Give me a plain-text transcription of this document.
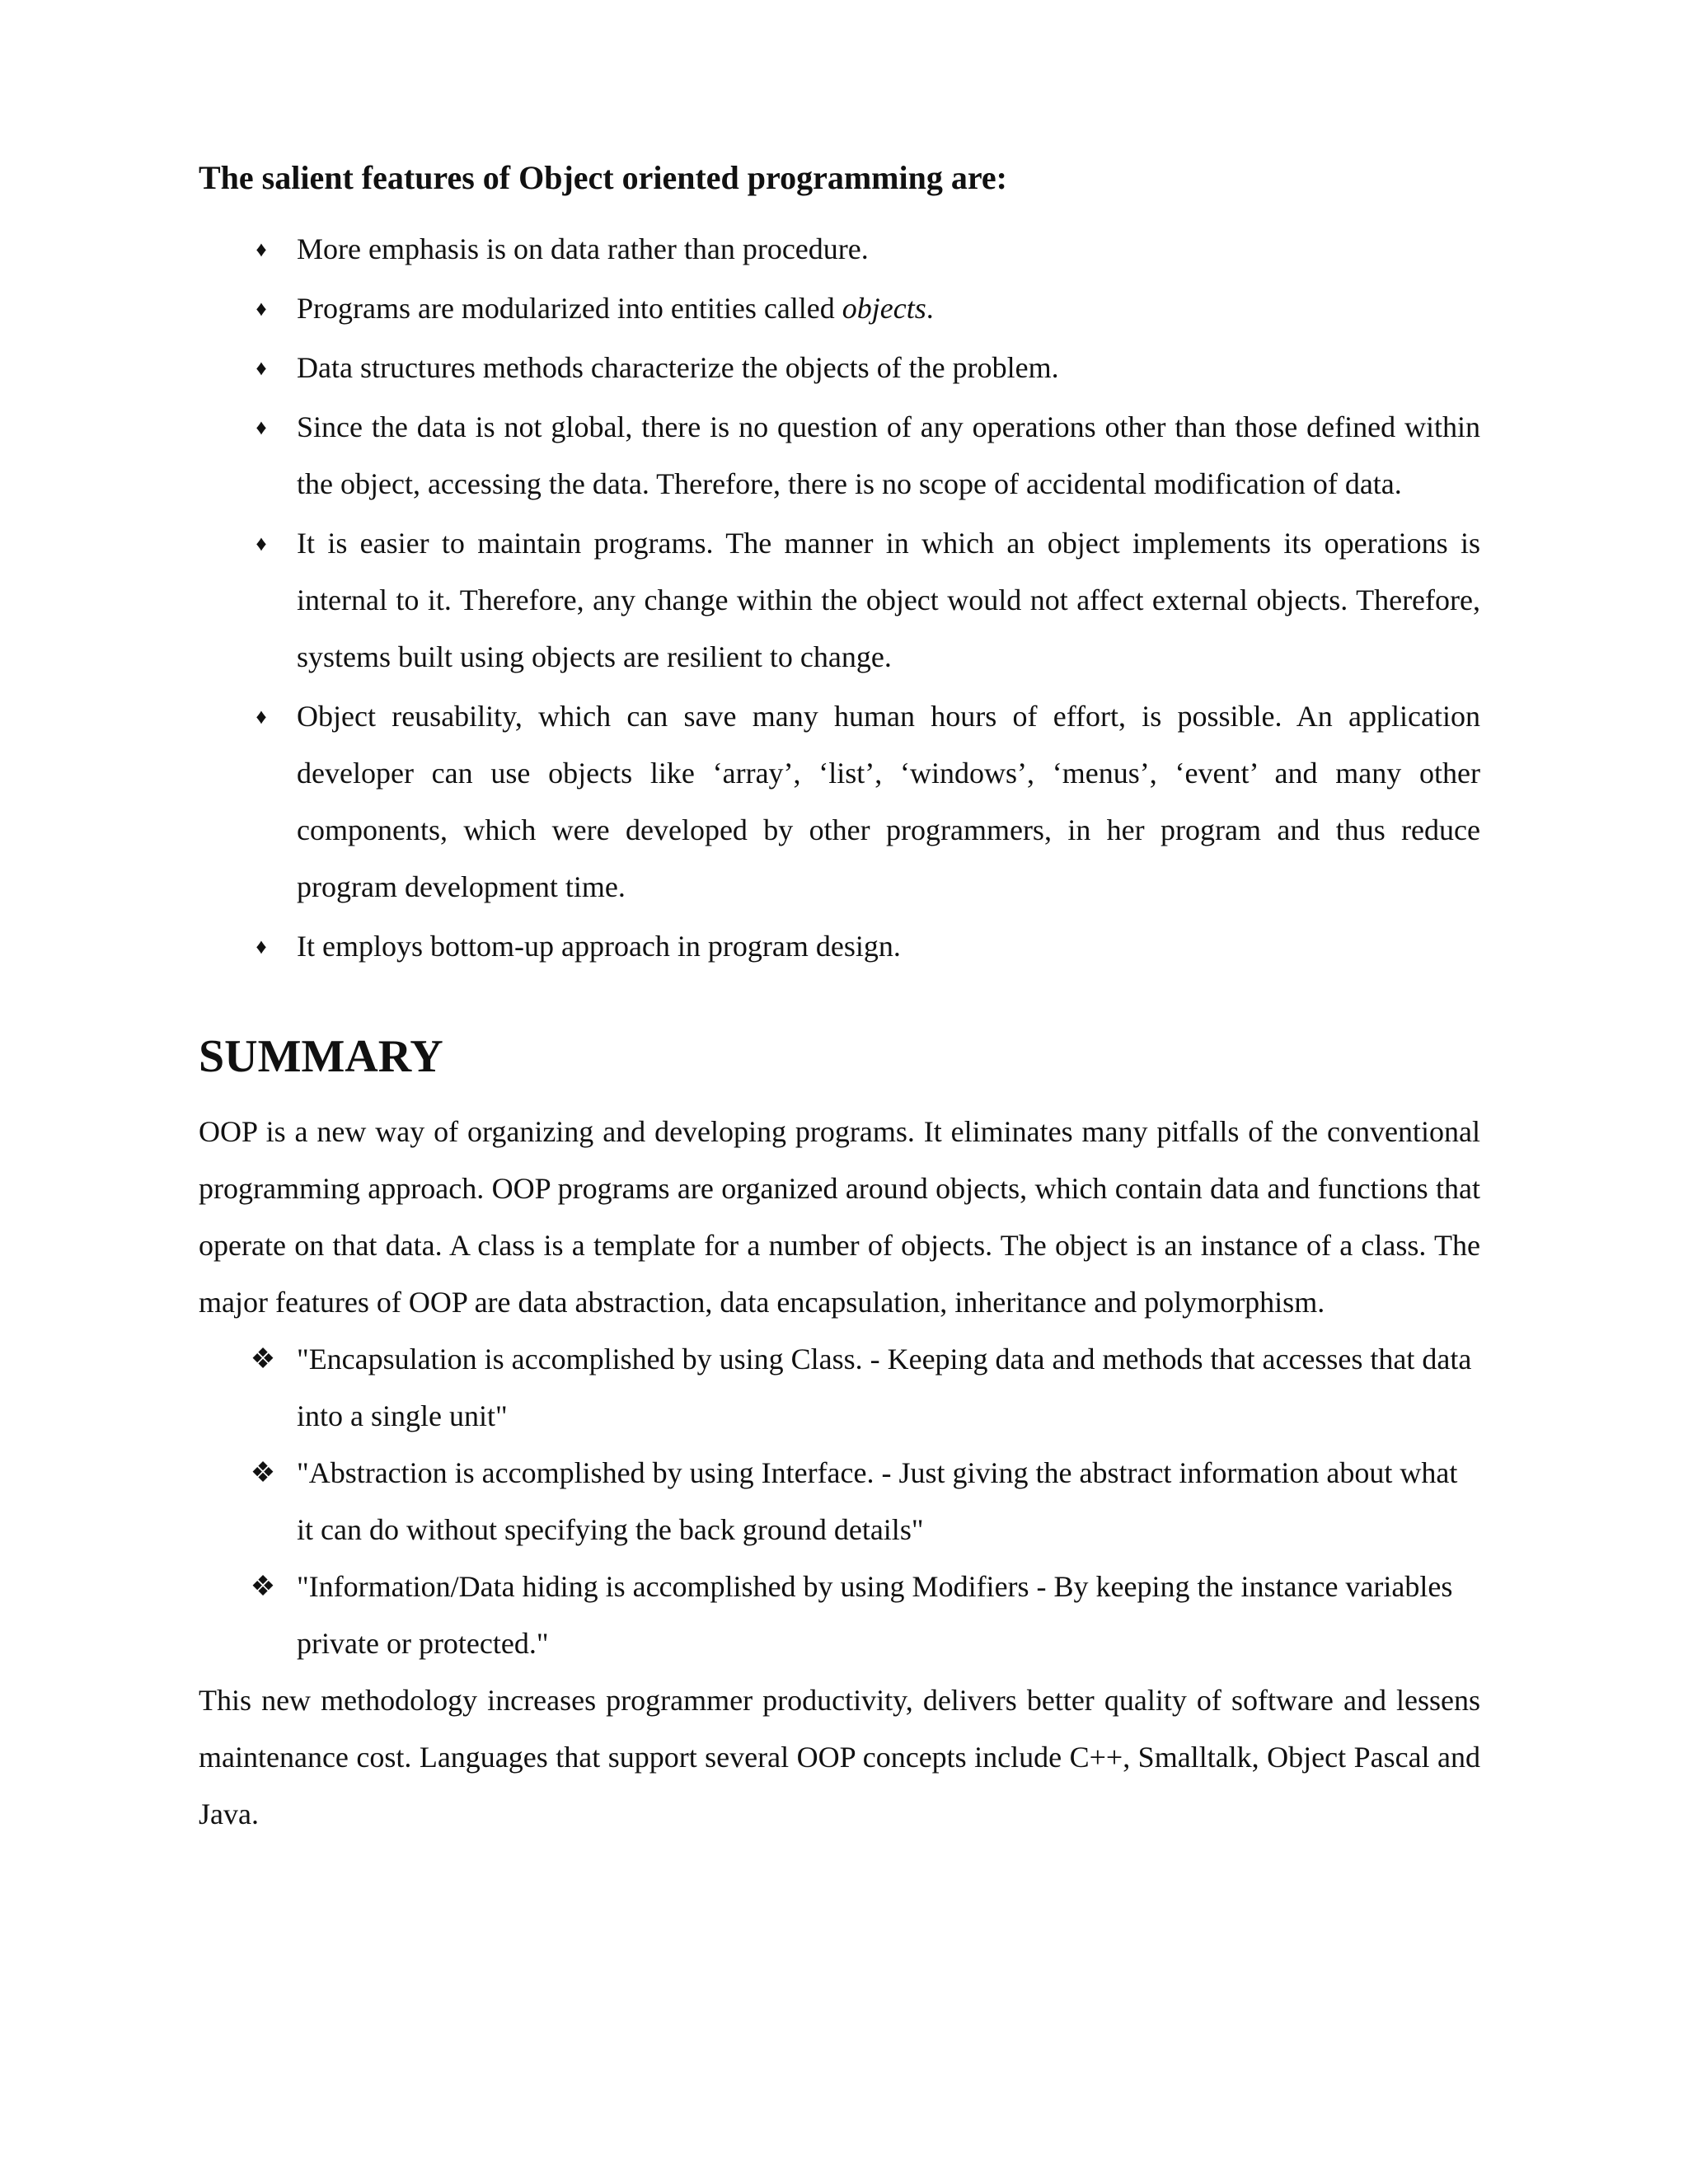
The salient features of Object oriented programming are:
♦ More emphasis is on data rather than procedure.
♦ Programs are modularized into entities called objects.
♦ Data structures methods characterize the objects of the problem.
♦ Since the data is not global, there is no question of any operations other than those defined within the object, accessing the data. Therefore, there is no scope of accidental modification of data.
♦ It is easier to maintain programs. The manner in which an object implements its operations is internal to it. Therefore, any change within the object would not affect external objects. Therefore, systems built using objects are resilient to change.
♦ Object reusability, which can save many human hours of effort, is possible. An application developer can use objects like ‘array’, ‘list’, ‘windows’, ‘menus’, ‘event’ and many other components, which were developed by other programmers, in her program and thus reduce program development time.
♦ It employs bottom-up approach in program design.
SUMMARY

OOP is a new way of organizing and developing programs. It eliminates many pitfalls of the conventional programming approach. OOP programs are organized around objects, which contain data and functions that operate on that data. A class is a template for a number of objects. The object is an instance of a class. The major features of OOP are data abstraction, data encapsulation, inheritance and polymorphism.

❖ "Encapsulation is accomplished by using Class. - Keeping data and methods that accesses that data into a single unit"
❖ "Abstraction is accomplished by using Interface. - Just giving the abstract information about what it can do without specifying the back ground details"
❖ "Information/Data hiding is accomplished by using Modifiers - By keeping the instance variables private or protected."

This new methodology increases programmer productivity, delivers better quality of software and lessens maintenance cost. Languages that support several OOP concepts include C++, Smalltalk, Object Pascal and Java.
